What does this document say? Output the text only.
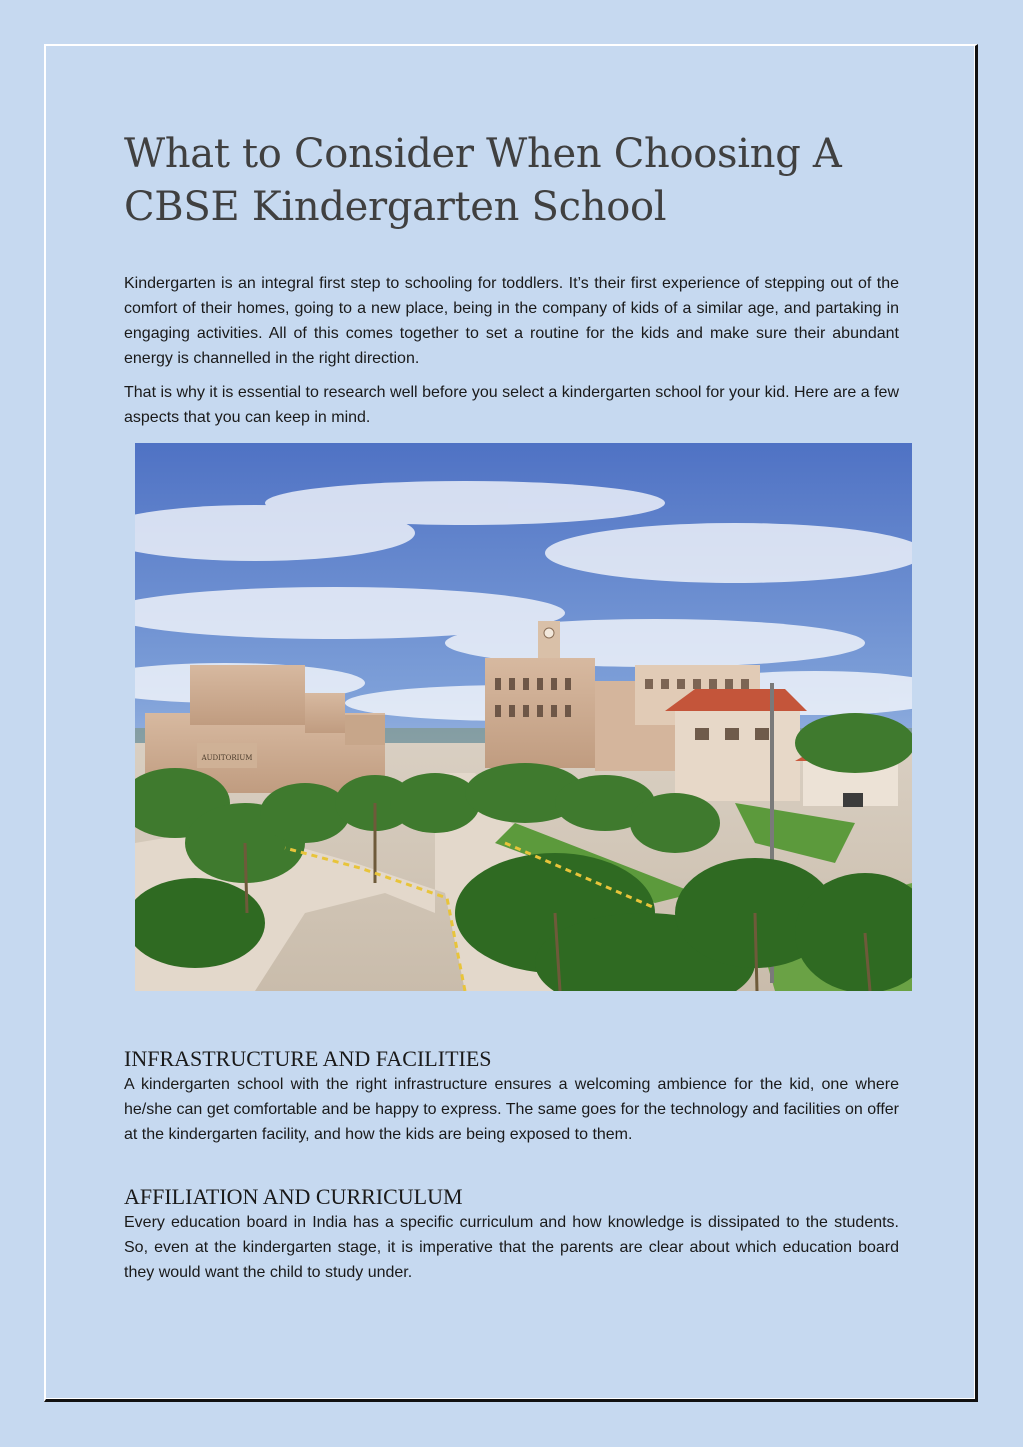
What to Consider When Choosing A CBSE Kindergarten School

Kindergarten is an integral first step to schooling for toddlers. It’s their first experience of stepping out of the comfort of their homes, going to a new place, being in the company of kids of a similar age, and partaking in engaging activities. All of this comes together to set a routine for the kids and make sure their abundant energy is channelled in the right direction.

That is why it is essential to research well before you select a kindergarten school for your kid. Here are a few aspects that you can keep in mind.

AUDITORIUM
INFRASTRUCTURE AND FACILITIES

A kindergarten school with the right infrastructure ensures a welcoming ambience for the kid, one where he/she can get comfortable and be happy to express. The same goes for the technology and facilities on offer at the kindergarten facility, and how the kids are being exposed to them.

AFFILIATION AND CURRICULUM

Every education board in India has a specific curriculum and how knowledge is dissipated to the students. So, even at the kindergarten stage, it is imperative that the parents are clear about which education board they would want the child to study under.
